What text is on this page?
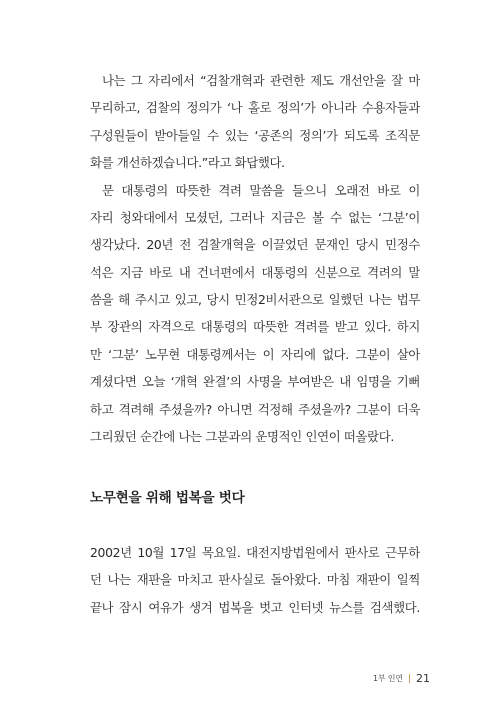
나는 그 자리에서 “검찰개혁과 관련한 제도 개선안을 잘 마
무리하고, 검찰의 정의가 ‘나 홀로 정의’가 아니라 수용자들과
구성원들이 받아들일 수 있는 ‘공존의 정의’가 되도록 조직문
화를 개선하겠습니다.”라고 화답했다.
문 대통령의 따뜻한 격려 말씀을 들으니 오래전 바로 이
자리 청와대에서 모셨던, 그러나 지금은 볼 수 없는 ‘그분’이
생각났다. 20년 전 검찰개혁을 이끌었던 문재인 당시 민정수
석은 지금 바로 내 건너편에서 대통령의 신분으로 격려의 말
씀을 해 주시고 있고, 당시 민정2비서관으로 일했던 나는 법무
부 장관의 자격으로 대통령의 따뜻한 격려를 받고 있다. 하지
만 ‘그분’ 노무현 대통령께서는 이 자리에 없다. 그분이 살아
계셨다면 오늘 ‘개혁 완결’의 사명을 부여받은 내 임명을 기뻐
하고 격려해 주셨을까? 아니면 걱정해 주셨을까? 그분이 더욱
그리웠던 순간에 나는 그분과의 운명적인 인연이 떠올랐다.
노무현을 위해 법복을 벗다
2002년 10월 17일 목요일. 대전지방법원에서 판사로 근무하
던 나는 재판을 마치고 판사실로 돌아왔다. 마침 재판이 일찍
끝나 잠시 여유가 생겨 법복을 벗고 인터넷 뉴스를 검색했다.
1부 인연 21
